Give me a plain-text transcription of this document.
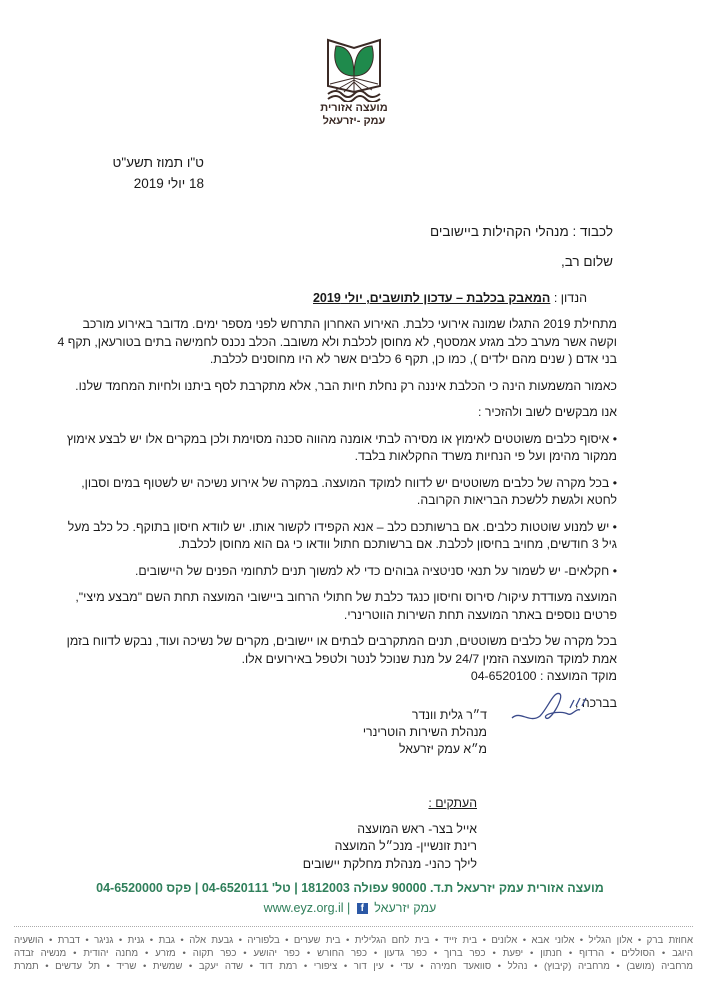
מועצה אזורית
עמק -יזרעאל
ט"ו תמוז תשע"ט
18 יולי 2019
לכבוד : מנהלי הקהילות ביישובים
שלום רב,
הנדון : המאבק בכלבת – עדכון לתושבים, יולי 2019

מתחילת 2019 התגלו שמונה אירועי כלבת. האירוע האחרון התרחש לפני מספר ימים. מדובר באירוע מורכב וקשה אשר מערב כלב מגזע אמסטף, לא מחוסן לכלבת ולא משובב. הכלב נכנס לחמישה בתים בטורעאן, תקף 4 בני אדם ( שנים מהם ילדים ), כמו כן, תקף 6 כלבים אשר לא היו מחוסנים לכלבת.

כאמור המשמעות הינה כי הכלבת איננה רק נחלת חיות הבר, אלא מתקרבת לסף ביתנו ולחיות המחמד שלנו.

אנו מבקשים לשוב ולהזכיר :

• איסוף כלבים משוטטים לאימוץ או מסירה לבתי אומנה מהווה סכנה מסוימת ולכן במקרים אלו יש לבצע אימוץ ממקור מהימן ועל פי הנחיות משרד החקלאות בלבד.

• בכל מקרה של כלבים משוטטים יש לדווח למוקד המועצה. במקרה של אירוע נשיכה יש לשטוף במים וסבון, לחטא ולגשת ללשכת הבריאות הקרובה.

• יש למנוע שוטטות כלבים. אם ברשותכם כלב – אנא הקפידו לקשור אותו. יש לוודא חיסון בתוקף. כל כלב מעל גיל 3 חודשים, מחויב בחיסון לכלבת. אם ברשותכם חתול וודאו כי גם הוא מחוסן לכלבת.

• חקלאים- יש לשמור על תנאי סניטציה גבוהים כדי לא למשוך תנים לתחומי הפנים של היישובים.

המועצה מעודדת עיקור/ סירוס וחיסון כנגד כלבת של חתולי הרחוב ביישובי המועצה תחת השם "מבצע מיצי", פרטים נוספים באתר המועצה תחת השירות הווטרינרי.

בכל מקרה של כלבים משוטטים, תנים המתקרבים לבתים או יישובים, מקרים של נשיכה ועוד, נבקש לדווח בזמן אמת למוקד המועצה הזמין 24/7 על מנת שנוכל לנטר ולטפל באירועים אלו.

מוקד המועצה : 04-6520100

בברכה ,

ד״ר גלית וונדר
מנהלת השירות הוטרינרי
מ״א עמק יזרעאל
העתקים :
אייל בצר- ראש המועצה
רינת זונשיין- מנכ״ל המועצה
לילך כהני- מנהלת מחלקת יישובים
מועצה אזורית עמק יזרעאל ת.ד. 90000 עפולה 1812003 | טל' 04-6520111 | פקס 04-6520000
www.eyz.org.il | f עמק יזרעאל
אחוזת ברק • אלון הגליל • אלוני אבא • אלונים • בית זייד • בית לחם הגלילית • בית שערים • בלפוריה • גבעת אלה • גבת • גנית • גניגר • דברת • הושעיה
היוגב • הסוללים • הרדוף • חנתון • יפעת • כפר ברוך • כפר גדעון • כפר החורש • כפר יהושע • כפר תקוה • מזרע • מחנה יהודית • מנשיה זבדה
מרחביה (מושב) • מרחביה (קיבוץ) • נהלל • סוואעד חמירה • עדי • עין דור • ציפורי • רמת דוד • שדה יעקב • שמשית • שריד • תל עדשים • תמרת
